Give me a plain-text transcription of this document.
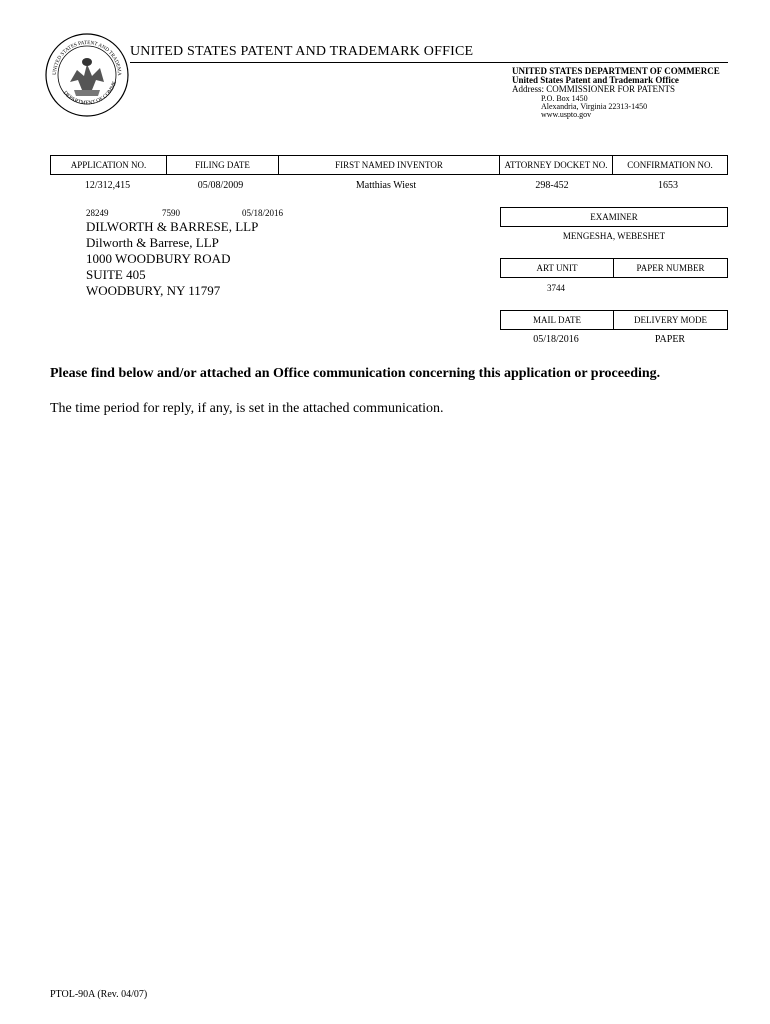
UNITED STATES PATENT AND TRADEMA
DEPARTMENT OF COMME
UNITED STATES PATENT AND TRADEMARK OFFICE
UNITED STATES DEPARTMENT OF COMMERCE
United States Patent and Trademark Office
Address: COMMISSIONER FOR PATENTS
P.O. Box 1450
Alexandria, Virginia 22313-1450
www.uspto.gov
APPLICATION NO.	FILING DATE	FIRST NAMED INVENTOR	ATTORNEY DOCKET NO.	CONFIRMATION NO.
12/312,415	05/08/2009	Matthias Wiest	298-452	1653
28249	7590	05/18/2016
DILWORTH & BARRESE, LLP
Dilworth & Barrese, LLP
1000 WOODBURY ROAD
SUITE 405
WOODBURY, NY 11797
EXAMINER
MENGESHA, WEBESHET
ART UNIT	PAPER NUMBER
3744
MAIL DATE	DELIVERY MODE
05/18/2016	PAPER
Please find below and/or attached an Office communication concerning this application or proceeding.
The time period for reply, if any, is set in the attached communication.
PTOL-90A (Rev. 04/07)
